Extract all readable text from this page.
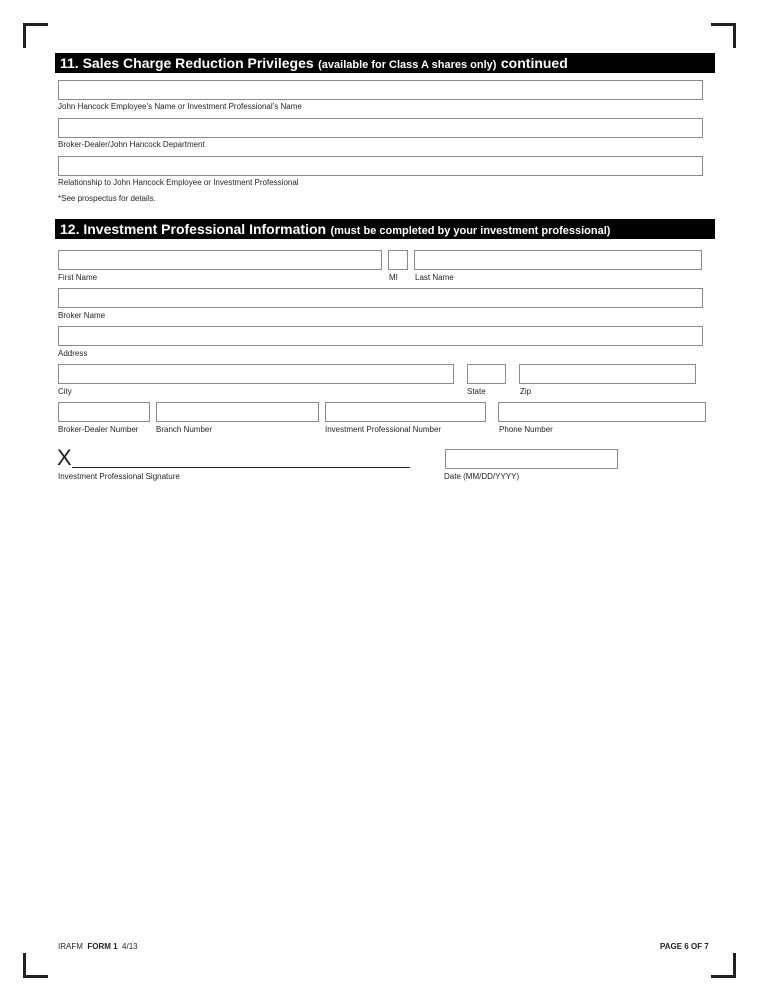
11. Sales Charge Reduction Privileges (available for Class A shares only) continued
John Hancock Employee’s Name or Investment Professional’s Name
Broker-Dealer/John Hancock Department
Relationship to John Hancock Employee or Investment Professional
*See prospectus for details.
12. Investment Professional Information (must be completed by your investment professional)
First Name	MI Last Name
Broker Name
Address
City	State	Zip
Broker-Dealer Number Branch Number	Investment Professional Number	Phone Number
X
Investment Professional Signature	Date (MM/DD/YYYY)
IRAFM FORM 1 4/13	PAGE 6 OF 7
